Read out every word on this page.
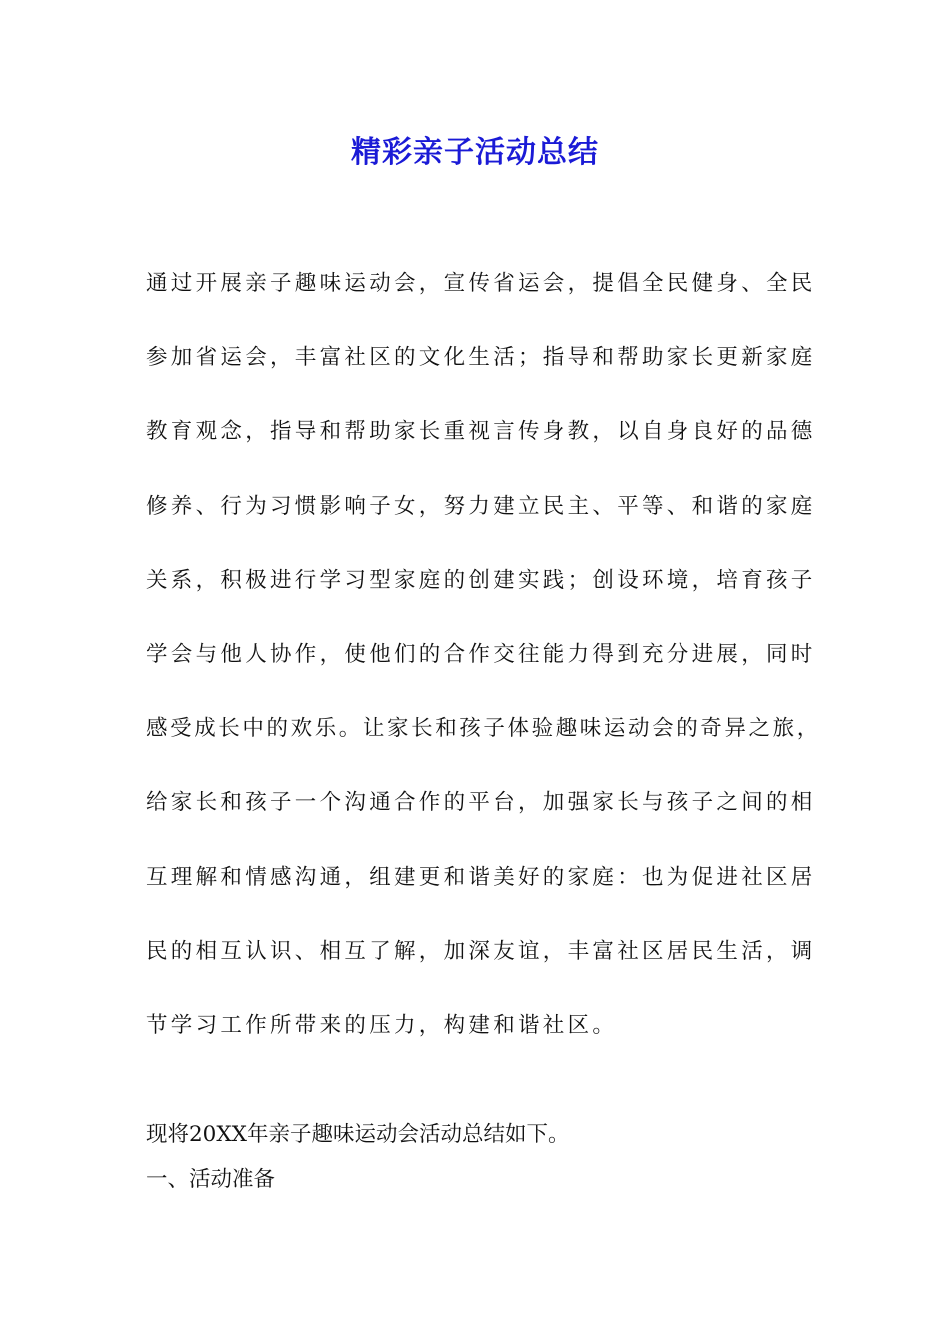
精彩亲子活动总结
通过开展亲子趣味运动会，宣传省运会，提倡全民健身、全民
参加省运会，丰富社区的文化生活；指导和帮助家长更新家庭
教育观念，指导和帮助家长重视言传身教，以自身良好的品德
修养、行为习惯影响子女，努力建立民主、平等、和谐的家庭
关系，积极进行学习型家庭的创建实践；创设环境，培育孩子
学会与他人协作，使他们的合作交往能力得到充分进展，同时
感受成长中的欢乐。让家长和孩子体验趣味运动会的奇异之旅，
给家长和孩子一个沟通合作的平台，加强家长与孩子之间的相
互理解和情感沟通，组建更和谐美好的家庭：也为促进社区居
民的相互认识、相互了解，加深友谊，丰富社区居民生活，调
节学习工作所带来的压力，构建和谐社区。
现将20XX年亲子趣味运动会活动总结如下。
一、活动准备
